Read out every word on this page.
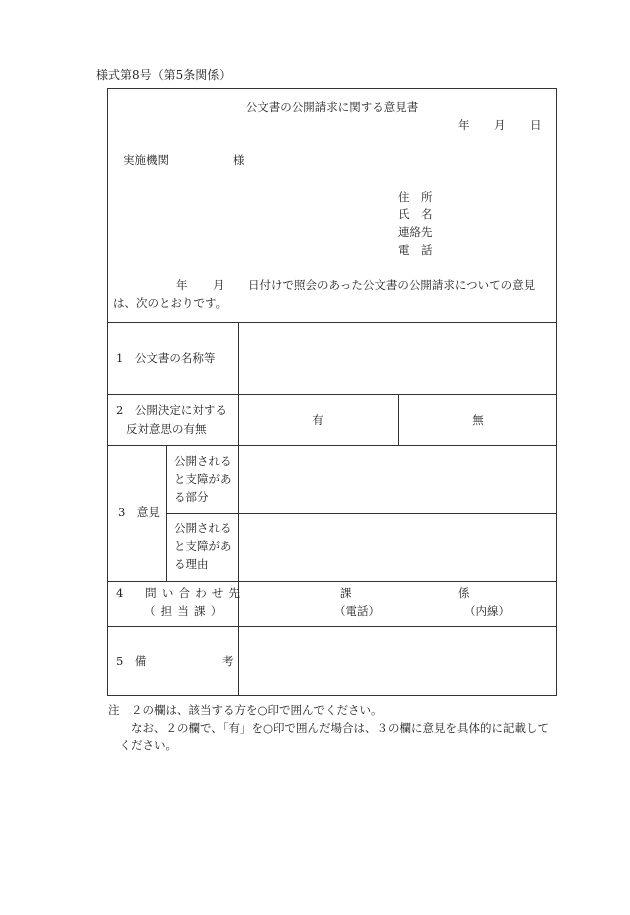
様式第8号（第5条関係）
公文書の公開請求に関する意見書
年 月 日
実施機関	様
住　所
氏　名
連絡先
電　話
年 月 日付けで照会のあった公文書の公開請求についての意見
は、次のとおりです。
1　公文書の名称等
2　公開決定に対する
反対意思の有無
有	無
3　意見
公開される
と支障があ
る部分
公開される
と支障があ
る理由
4　問い合わせ先
（担当課）
課	係
（電話）	（内線）
5　備	考
注　２の欄は、該当する方を○印で囲んでください。
　　なお、２の欄で、「有」を○印で囲んだ場合は、３の欄に意見を具体的に記載して
　ください。
